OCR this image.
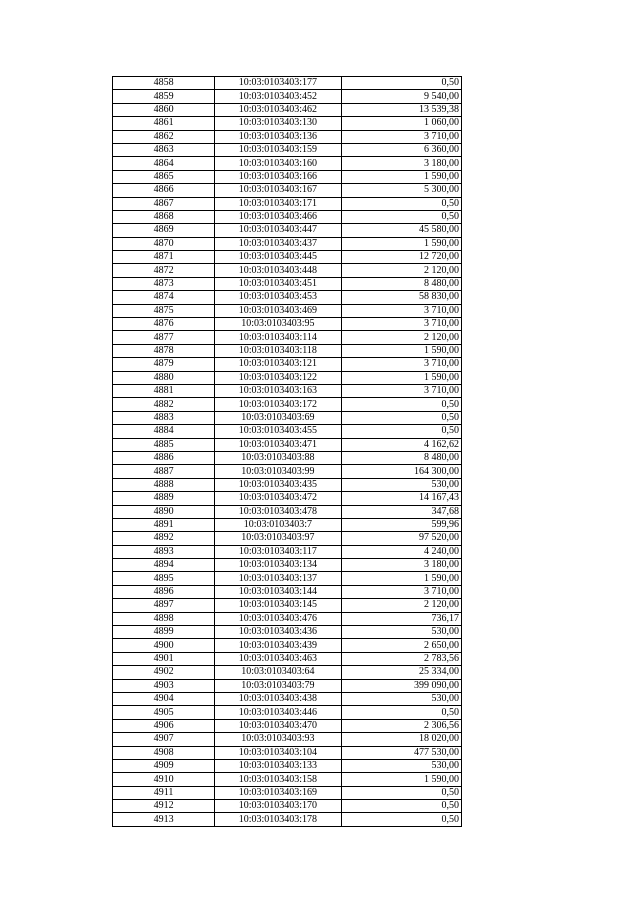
4858	10:03:0103403:177	0,50
4859	10:03:0103403:452	9 540,00
4860	10:03:0103403:462	13 539,38
4861	10:03:0103403:130	1 060,00
4862	10:03:0103403:136	3 710,00
4863	10:03:0103403:159	6 360,00
4864	10:03:0103403:160	3 180,00
4865	10:03:0103403:166	1 590,00
4866	10:03:0103403:167	5 300,00
4867	10:03:0103403:171	0,50
4868	10:03:0103403:466	0,50
4869	10:03:0103403:447	45 580,00
4870	10:03:0103403:437	1 590,00
4871	10:03:0103403:445	12 720,00
4872	10:03:0103403:448	2 120,00
4873	10:03:0103403:451	8 480,00
4874	10:03:0103403:453	58 830,00
4875	10:03:0103403:469	3 710,00
4876	10:03:0103403:95	3 710,00
4877	10:03:0103403:114	2 120,00
4878	10:03:0103403:118	1 590,00
4879	10:03:0103403:121	3 710,00
4880	10:03:0103403:122	1 590,00
4881	10:03:0103403:163	3 710,00
4882	10:03:0103403:172	0,50
4883	10:03:0103403:69	0,50
4884	10:03:0103403:455	0,50
4885	10:03:0103403:471	4 162,62
4886	10:03:0103403:88	8 480,00
4887	10:03:0103403:99	164 300,00
4888	10:03:0103403:435	530,00
4889	10:03:0103403:472	14 167,43
4890	10:03:0103403:478	347,68
4891	10:03:0103403:7	599,96
4892	10:03:0103403:97	97 520,00
4893	10:03:0103403:117	4 240,00
4894	10:03:0103403:134	3 180,00
4895	10:03:0103403:137	1 590,00
4896	10:03:0103403:144	3 710,00
4897	10:03:0103403:145	2 120,00
4898	10:03:0103403:476	736,17
4899	10:03:0103403:436	530,00
4900	10:03:0103403:439	2 650,00
4901	10:03:0103403:463	2 783,56
4902	10:03:0103403:64	25 334,00
4903	10:03:0103403:79	399 090,00
4904	10:03:0103403:438	530,00
4905	10:03:0103403:446	0,50
4906	10:03:0103403:470	2 306,56
4907	10:03:0103403:93	18 020,00
4908	10:03:0103403:104	477 530,00
4909	10:03:0103403:133	530,00
4910	10:03:0103403:158	1 590,00
4911	10:03:0103403:169	0,50
4912	10:03:0103403:170	0,50
4913	10:03:0103403:178	0,50
